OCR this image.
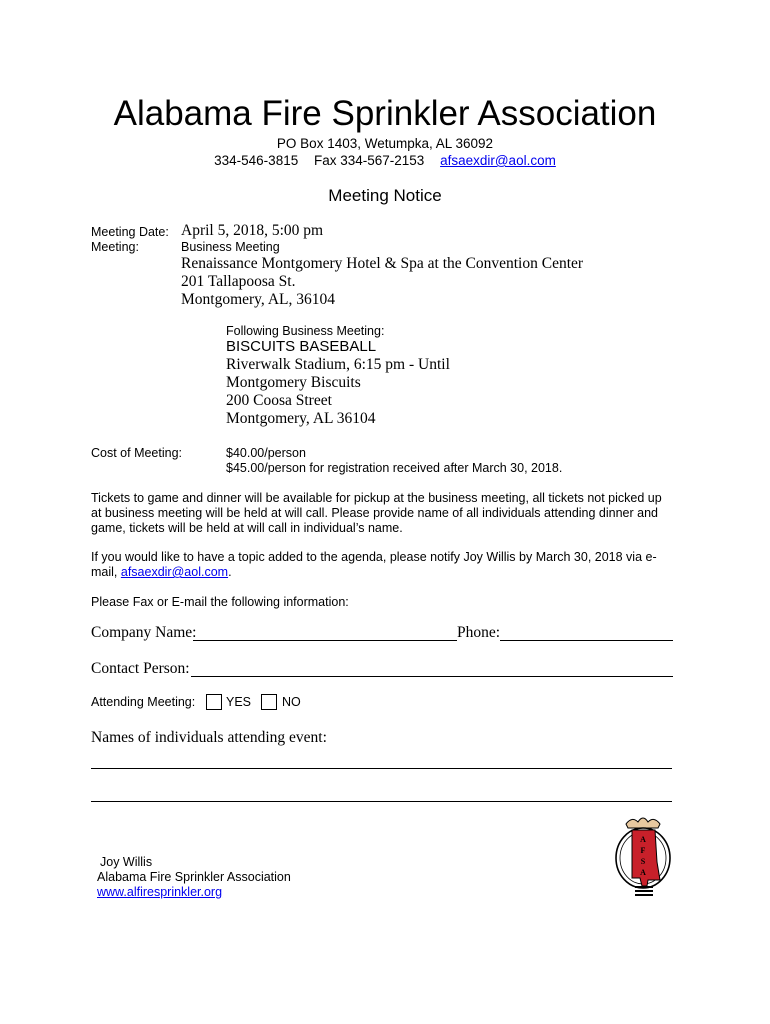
Alabama Fire Sprinkler Association
PO Box 1403, Wetumpka, AL 36092
334-546-3815 Fax 334-567-2153 afsaexdir@aol.com
Meeting Notice
Meeting Date: April 5, 2018, 5:00 pm
Meeting:	Business Meeting
Renaissance Montgomery Hotel & Spa at the Convention Center
201 Tallapoosa St.
Montgomery, AL, 36104
Following Business Meeting:
BISCUITS BASEBALL
Riverwalk Stadium, 6:15 pm - Until
Montgomery Biscuits
200 Coosa Street
Montgomery, AL 36104
Cost of Meeting:	$40.00/person
$45.00/person for registration received after March 30, 2018.
Tickets to game and dinner will be available for pickup at the business meeting, all tickets not picked up at business meeting will be held at will call. Please provide name of all individuals attending dinner and game, tickets will be held at will call in individual’s name.
If you would like to have a topic added to the agenda, please notify Joy Willis by March 30, 2018 via e-mail, afsaexdir@aol.com.
Please Fax or E-mail the following information:
Company Name:	Phone:
Contact Person:
Attending Meeting: YES NO
Names of individuals attending event:
Joy Willis
Alabama Fire Sprinkler Association
www.alfiresprinkler.org
A
F
S
A
